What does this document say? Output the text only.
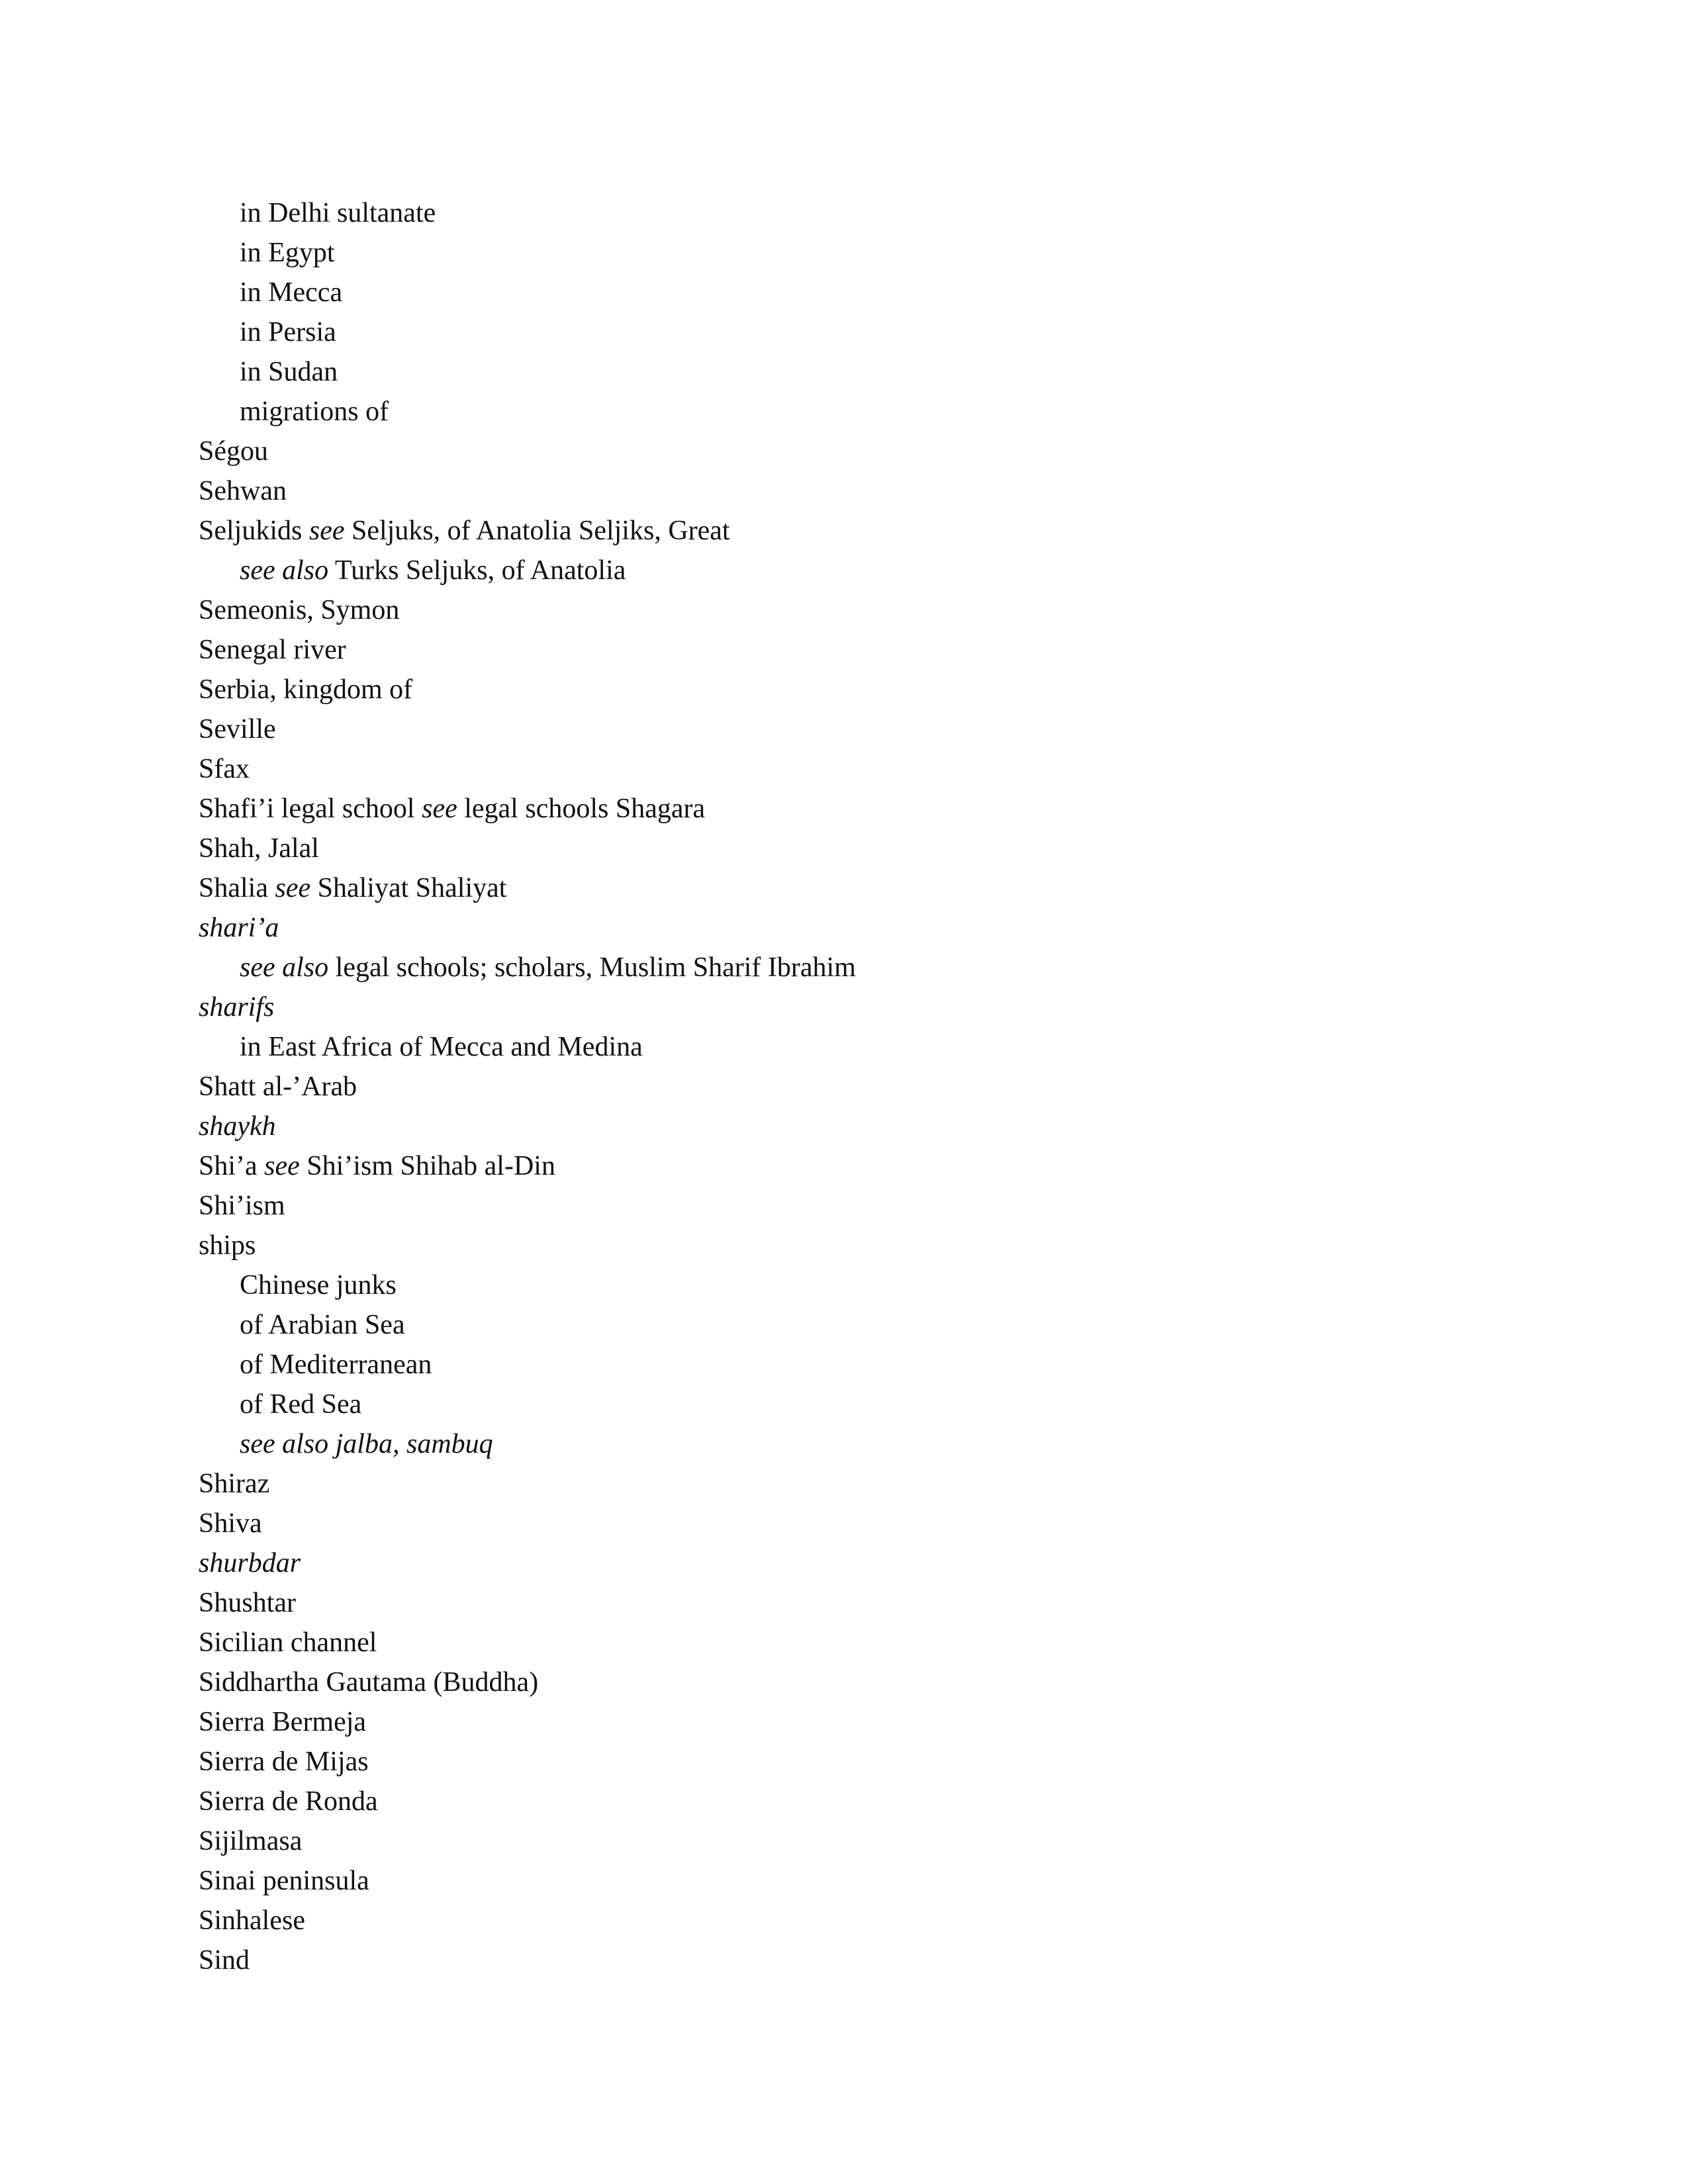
in Delhi sultanate
in Egypt
in Mecca
in Persia
in Sudan
migrations of
Ségou
Sehwan
Seljukids see Seljuks, of Anatolia Seljiks, Great
see also Turks Seljuks, of Anatolia
Semeonis, Symon
Senegal river
Serbia, kingdom of
Seville
Sfax
Shafi’i legal school see legal schools Shagara
Shah, Jalal
Shalia see Shaliyat Shaliyat
shari’a
see also legal schools; scholars, Muslim Sharif Ibrahim
sharifs
in East Africa of Mecca and Medina
Shatt al-’Arab
shaykh
Shi’a see Shi’ism Shihab al-Din
Shi’ism
ships
Chinese junks
of Arabian Sea
of Mediterranean
of Red Sea
see also jalba, sambuq
Shiraz
Shiva
shurbdar
Shushtar
Sicilian channel
Siddhartha Gautama (Buddha)
Sierra Bermeja
Sierra de Mijas
Sierra de Ronda
Sijilmasa
Sinai peninsula
Sinhalese
Sind
